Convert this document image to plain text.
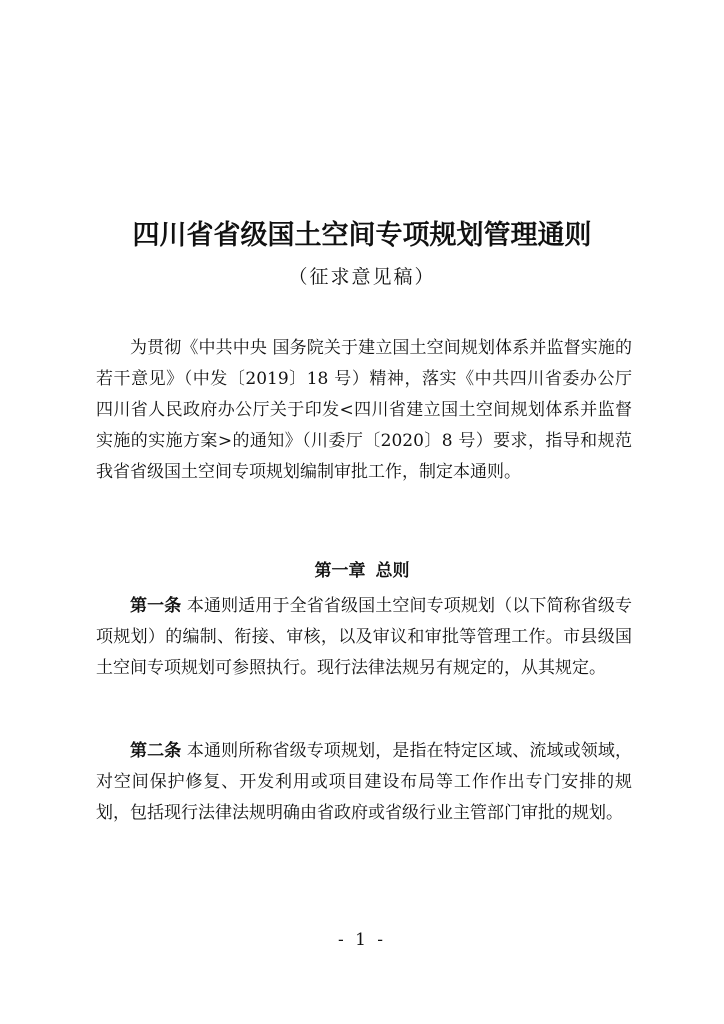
四川省省级国土空间专项规划管理通则
（征求意见稿）

为贯彻《中共中央 国务院关于建立国土空间规划体系并监督实施的若干意见》（中发〔2019〕18 号）精神，落实《中共四川省委办公厅 四川省人民政府办公厅关于印发<四川省建立国土空间规划体系并监督实施的实施方案>的通知》（川委厅〔2020〕8 号）要求，指导和规范我省省级国土空间专项规划编制审批工作，制定本通则。

第一章 总则

第一条 本通则适用于全省省级国土空间专项规划（以下简称省级专项规划）的编制、衔接、审核，以及审议和审批等管理工作。市县级国土空间专项规划可参照执行。现行法律法规另有规定的，从其规定。

第二条 本通则所称省级专项规划，是指在特定区域、流域或领域，对空间保护修复、开发利用或项目建设布局等工作作出专门安排的规划，包括现行法律法规明确由省政府或省级行业主管部门审批的规划。

- 1 -
